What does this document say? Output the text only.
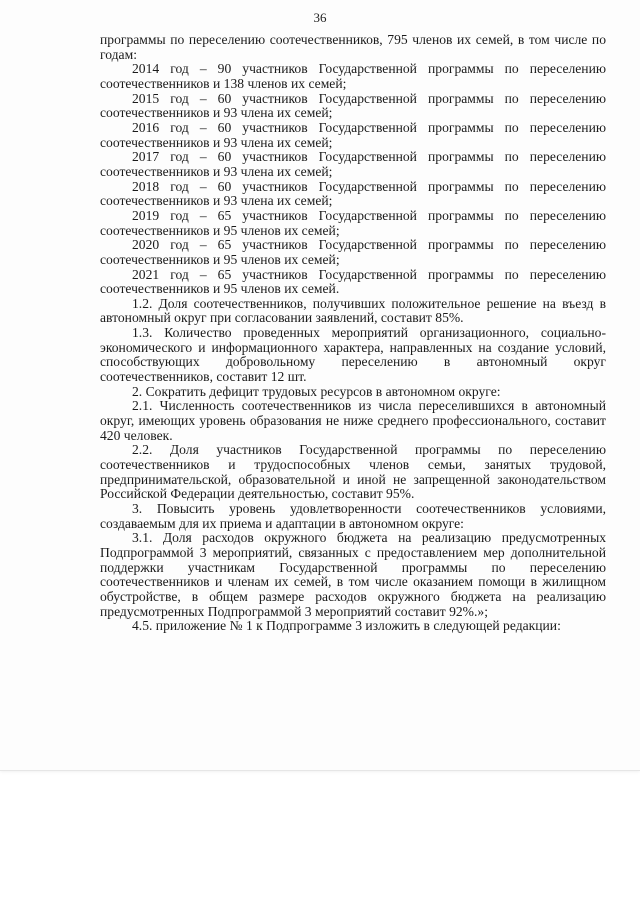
36

программы по переселению соотечественников, 795 членов их семей, в том числе по годам:

2014 год – 90 участников Государственной программы по переселению соотечественников и 138 членов их семей;

2015 год – 60 участников Государственной программы по переселению соотечественников и 93 члена их семей;

2016 год – 60 участников Государственной программы по переселению соотечественников и 93 члена их семей;

2017 год – 60 участников Государственной программы по переселению соотечественников и 93 члена их семей;

2018 год – 60 участников Государственной программы по переселению соотечественников и 93 члена их семей;

2019 год – 65 участников Государственной программы по переселению соотечественников и 95 членов их семей;

2020 год – 65 участников Государственной программы по переселению соотечественников и 95 членов их семей;

2021 год – 65 участников Государственной программы по переселению соотечественников и 95 членов их семей.

1.2. Доля соотечественников, получивших положительное решение на въезд в автономный округ при согласовании заявлений, составит 85%.

1.3. Количество проведенных мероприятий организационного, социально-экономического и информационного характера, направленных на создание условий, способствующих добровольному переселению в автономный округ соотечественников, составит 12 шт.

2. Сократить дефицит трудовых ресурсов в автономном округе:

2.1. Численность соотечественников из числа переселившихся в автономный округ, имеющих уровень образования не ниже среднего профессионального, составит 420 человек.

2.2. Доля участников Государственной программы по переселению соотечественников и трудоспособных членов семьи, занятых трудовой, предпринимательской, образовательной и иной не запрещенной законодательством Российской Федерации деятельностью, составит 95%.

3. Повысить уровень удовлетворенности соотечественников условиями, создаваемым для их приема и адаптации в автономном округе:

3.1. Доля расходов окружного бюджета на реализацию предусмотренных Подпрограммой 3 мероприятий, связанных с предоставлением мер дополнительной поддержки участникам Государственной программы по переселению соотечественников и членам их семей, в том числе оказанием помощи в жилищном обустройстве, в общем размере расходов окружного бюджета на реализацию предусмотренных Подпрограммой 3 мероприятий составит 92%.»;

4.5. приложение № 1 к Подпрограмме 3 изложить в следующей редакции:
